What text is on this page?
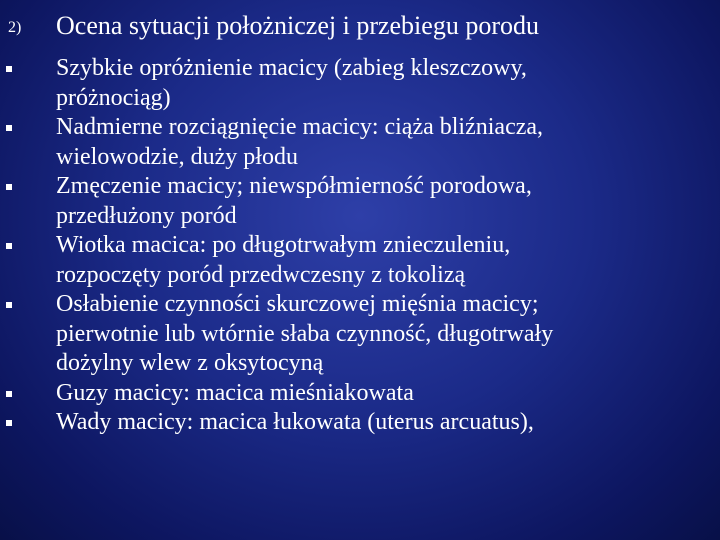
2) Ocena sytuacji położniczej i przebiegu porodu
Szybkie opróżnienie macicy (zabieg kleszczowy,
próżnociąg)
Nadmierne rozciągnięcie macicy: ciąża bliźniacza,
wielowodzie, duży płodu
Zmęczenie macicy; niewspółmierność porodowa,
przedłużony poród
Wiotka macica: po długotrwałym znieczuleniu,
rozpoczęty poród przedwczesny z tokolizą
Osłabienie czynności skurczowej mięśnia macicy;
pierwotnie lub wtórnie słaba czynność, długotrwały
dożylny wlew z oksytocyną
Guzy macicy: macica mieśniakowata
Wady macicy: macica łukowata (uterus arcuatus),
